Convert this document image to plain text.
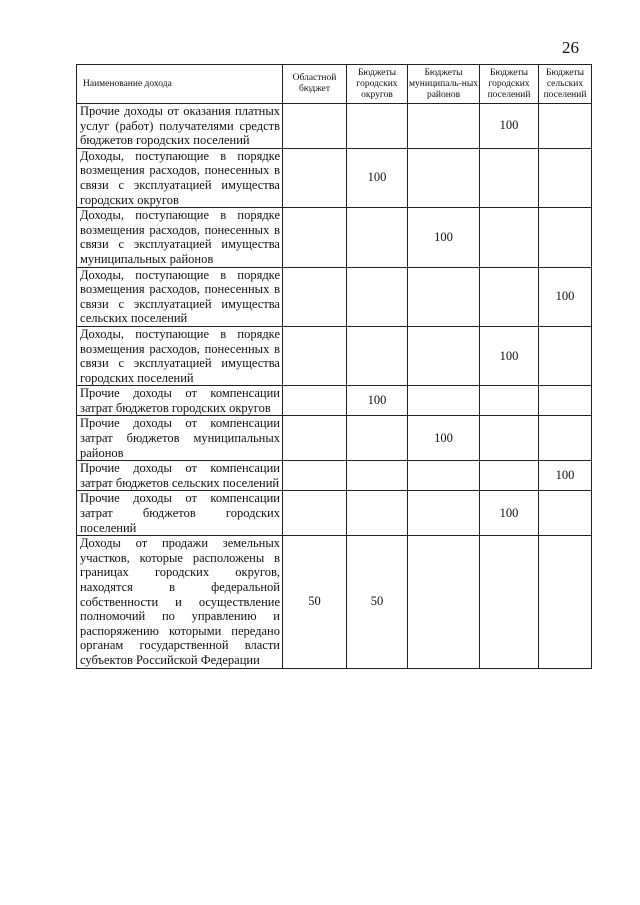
26
Наименование дохода	Областной бюджет	Бюджеты городских округов	Бюджеты муниципаль-ных районов	Бюджеты городских поселений	Бюджеты сельских поселений
Прочие доходы от оказания платных услуг (работ) получателями средств бюджетов городских поселений				100	
Доходы, поступающие в порядке возмещения расходов, понесенных в связи с эксплуатацией имущества городских округов		100			
Доходы, поступающие в порядке возмещения расходов, понесенных в связи с эксплуатацией имущества муниципальных районов			100		
Доходы, поступающие в порядке возмещения расходов, понесенных в связи с эксплуатацией имущества сельских поселений					100
Доходы, поступающие в порядке возмещения расходов, понесенных в связи с эксплуатацией имущества городских поселений				100	
Прочие доходы от компенсации затрат бюджетов городских округов		100			
Прочие доходы от компенсации затрат бюджетов муниципальных районов			100		
Прочие доходы от компенсации затрат бюджетов сельских поселений					100
Прочие доходы от компенсации затрат бюджетов городских поселений				100	
Доходы от продажи земельных участков, которые расположены в границах городских округов, находятся в федеральной собственности и осуществление полномочий по управлению и распоряжению которыми передано органам государственной власти субъектов Российской Федерации	50	50			
